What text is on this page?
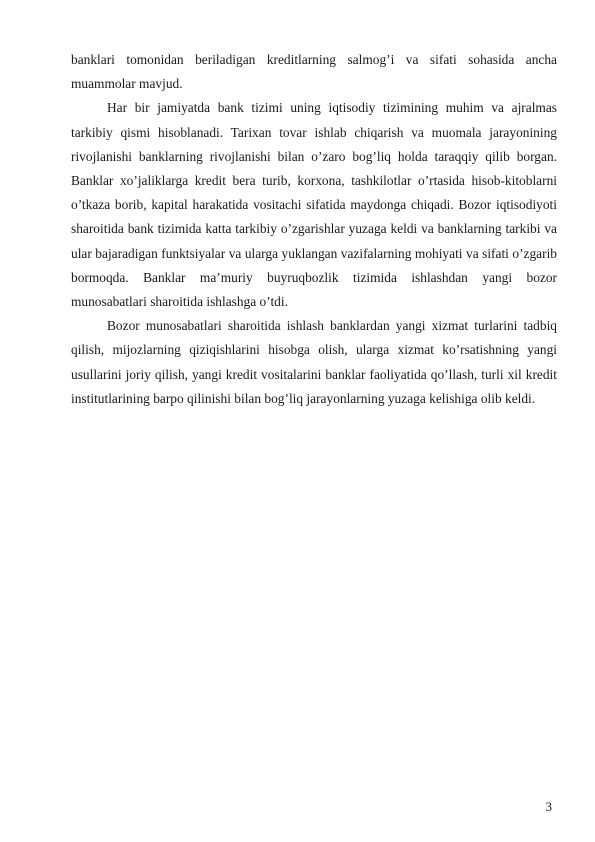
banklari tomonidan beriladigan kreditlarning salmog’i va sifati sohasida ancha muammolar mavjud.

Har bir jamiyatda bank tizimi uning iqtisodiy tizimining muhim va ajralmas tarkibiy qismi hisoblanadi. Tarixan tovar ishlab chiqarish va muomala jarayonining rivojlanishi banklarning rivojlanishi bilan o’zaro bog’liq holda taraqqiy qilib borgan. Banklar xo’jaliklarga kredit bera turib, korxona, tashkilotlar o’rtasida hisob-kitoblarni o’tkaza borib, kapital harakatida vositachi sifatida maydonga chiqadi. Bozor iqtisodiyoti sharoitida bank tizimida katta tarkibiy o’zgarishlar yuzaga keldi va banklarning tarkibi va ular bajaradigan funktsiyalar va ularga yuklangan vazifalarning mohiyati va sifati o’zgarib bormoqda. Banklar ma’muriy buyruqbozlik tizimida ishlashdan yangi bozor munosabatlari sharoitida ishlashga o’tdi.

Bozor munosabatlari sharoitida ishlash banklardan yangi xizmat turlarini tadbiq qilish, mijozlarning qiziqishlarini hisobga olish, ularga xizmat ko’rsatishning yangi usullarini joriy qilish, yangi kredit vositalarini banklar faoliyatida qo’llash, turli xil kredit institutlarining barpo qilinishi bilan bog’liq jarayonlarning yuzaga kelishiga olib keldi.

3
